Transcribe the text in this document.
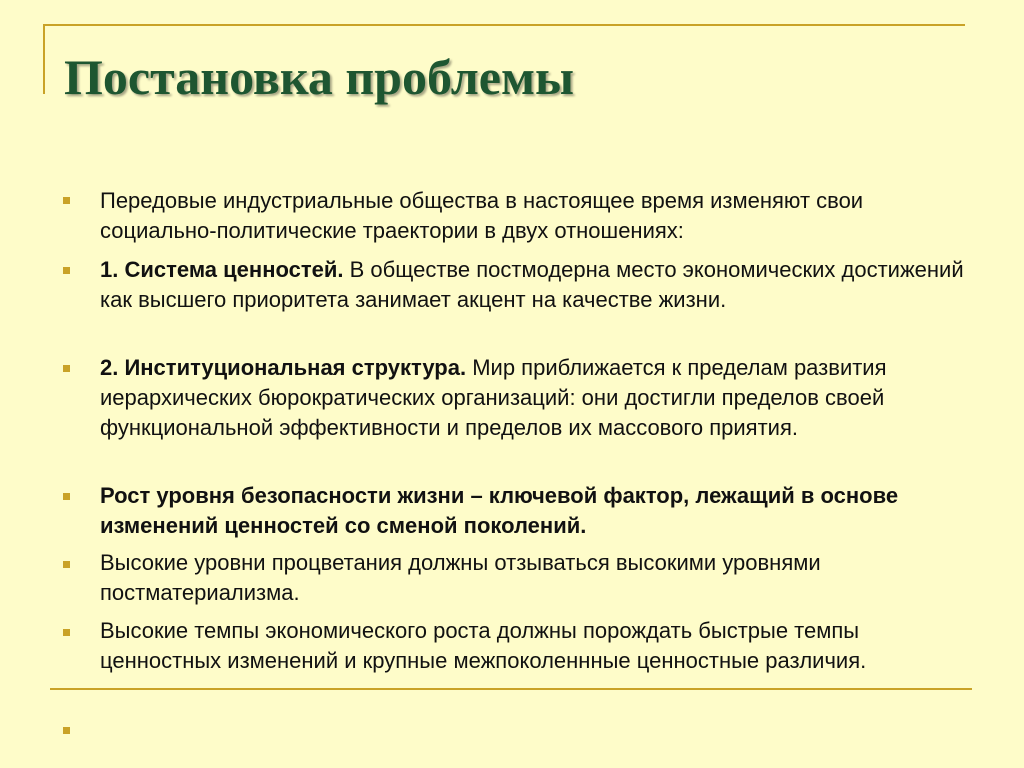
Постановка проблемы
Передовые индустриальные общества в настоящее время изменяют свои социально-политические траектории в двух отношениях:
1. Система ценностей. В обществе постмодерна место экономических достижений как высшего приоритета занимает акцент на качестве жизни.
2. Институциональная структура. Мир приближается к пределам развития иерархических бюрократических организаций: они достигли пределов своей функциональной эффективности и пределов их массового приятия.
Рост уровня безопасности жизни – ключевой фактор, лежащий в основе изменений ценностей со сменой поколений.
Высокие уровни процветания должны отзываться высокими уровнями постматериализма.
Высокие темпы экономического роста должны порождать быстрые темпы ценностных изменений и крупные межпоколеннные ценностные различия.
